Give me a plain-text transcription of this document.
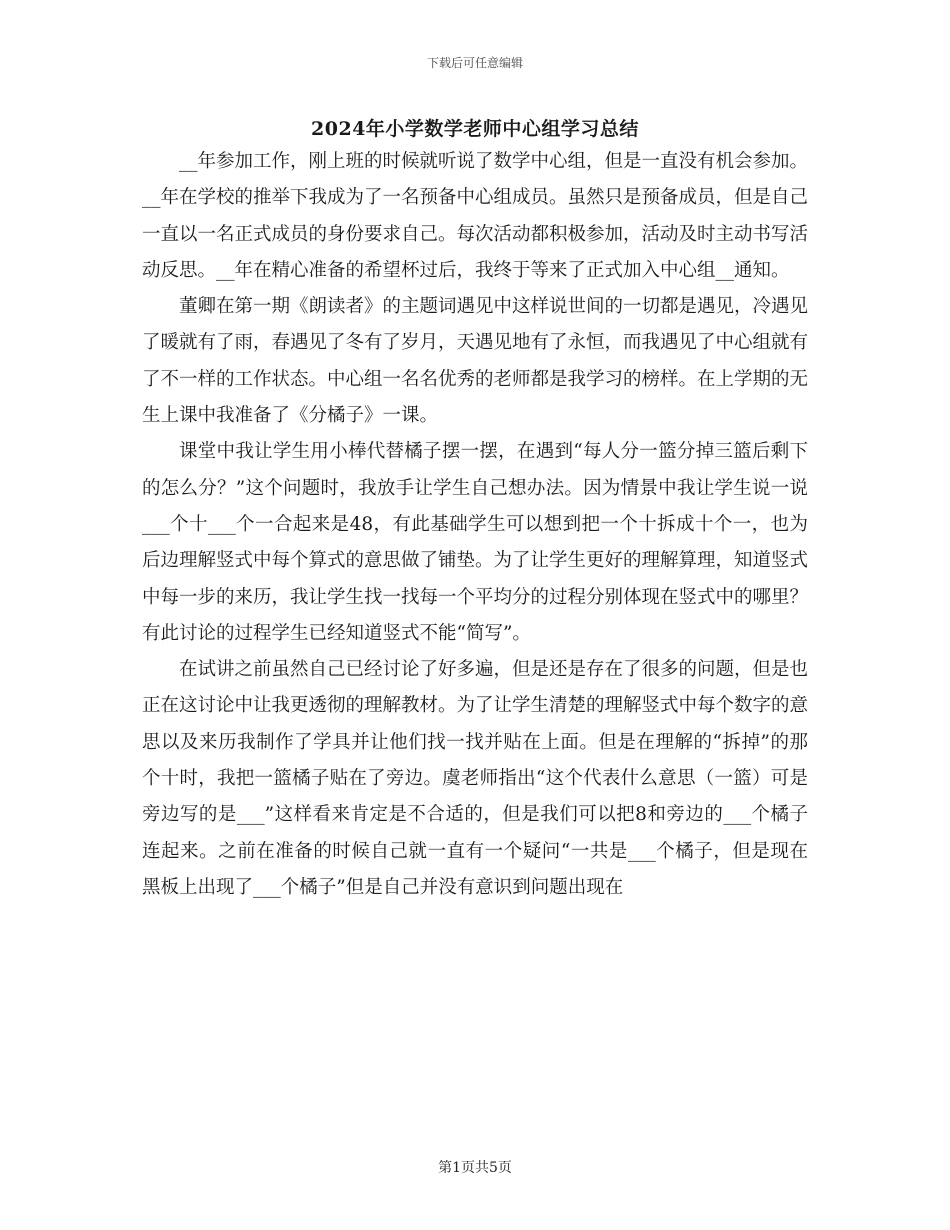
下载后可任意编辑
2024年小学数学老师中心组学习总结

__年参加工作，刚上班的时候就听说了数学中心组，但是一直没有机会参加。__年在学校的推举下我成为了一名预备中心组成员。虽然只是预备成员，但是自己一直以一名正式成员的身份要求自己。每次活动都积极参加，活动及时主动书写活动反思。__年在精心准备的希望杯过后，我终于等来了正式加入中心组__通知。

董卿在第一期《朗读者》的主题词遇见中这样说世间的一切都是遇见，冷遇见了暖就有了雨，春遇见了冬有了岁月，天遇见地有了永恒，而我遇见了中心组就有了不一样的工作状态。中心组一名名优秀的老师都是我学习的榜样。在上学期的无生上课中我准备了《分橘子》一课。

课堂中我让学生用小棒代替橘子摆一摆，在遇到“每人分一篮分掉三篮后剩下的怎么分？”这个问题时，我放手让学生自己想办法。因为情景中我让学生说一说___个十___个一合起来是48，有此基础学生可以想到把一个十拆成十个一，也为后边理解竖式中每个算式的意思做了铺垫。为了让学生更好的理解算理，知道竖式中每一步的来历，我让学生找一找每一个平均分的过程分别体现在竖式中的哪里？有此讨论的过程学生已经知道竖式不能“简写”。

在试讲之前虽然自己已经讨论了好多遍，但是还是存在了很多的问题，但是也正在这讨论中让我更透彻的理解教材。为了让学生清楚的理解竖式中每个数字的意思以及来历我制作了学具并让他们找一找并贴在上面。但是在理解的“拆掉”的那个十时，我把一篮橘子贴在了旁边。虞老师指出“这个代表什么意思（一篮）可是旁边写的是___”这样看来肯定是不合适的，但是我们可以把8和旁边的___个橘子连起来。之前在准备的时候自己就一直有一个疑问“一共是___个橘子，但是现在黑板上出现了___个橘子”但是自己并没有意识到问题出现在

第1页共5页
